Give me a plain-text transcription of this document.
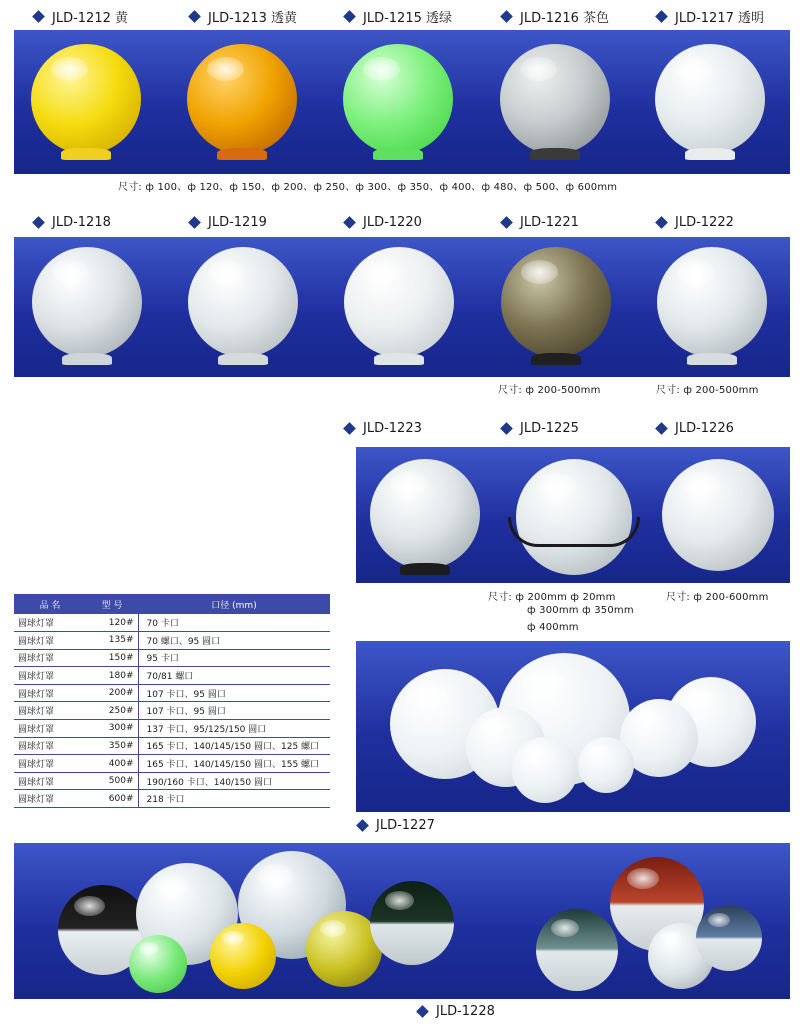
JLD-1212 黄	JLD-1213 透黄	JLD-1215 透绿	JLD-1216 茶色	JLD-1217 透明
尺寸: ф 100、ф 120、ф 150、ф 200、ф 250、ф 300、ф 350、ф 400、ф 480、ф 500、ф 600mm
JLD-1218	JLD-1219	JLD-1220	JLD-1221	JLD-1222
尺寸: ф 200-500mm	尺寸: ф 200-500mm
JLD-1223	JLD-1225	JLD-1226
尺寸: ф 200mm ф 20mm
ф 300mm ф 350mm
ф 400mm
尺寸: ф 200-600mm
品 名	型 号	口径 (mm)
圆球灯罩	120#	70 卡口
圆球灯罩	135#	70 螺口、95 圆口
圆球灯罩	150#	95 卡口
圆球灯罩	180#	70/81 螺口
圆球灯罩	200#	107 卡口、95 圆口
圆球灯罩	250#	107 卡口、95 圆口
圆球灯罩	300#	137 卡口、95/125/150 圆口
圆球灯罩	350#	165 卡口、140/145/150 圆口、125 螺口
圆球灯罩	400#	165 卡口、140/145/150 圆口、155 螺口
圆球灯罩	500#	190/160 卡口、140/150 圆口
圆球灯罩	600#	218 卡口
JLD-1227
JLD-1228
